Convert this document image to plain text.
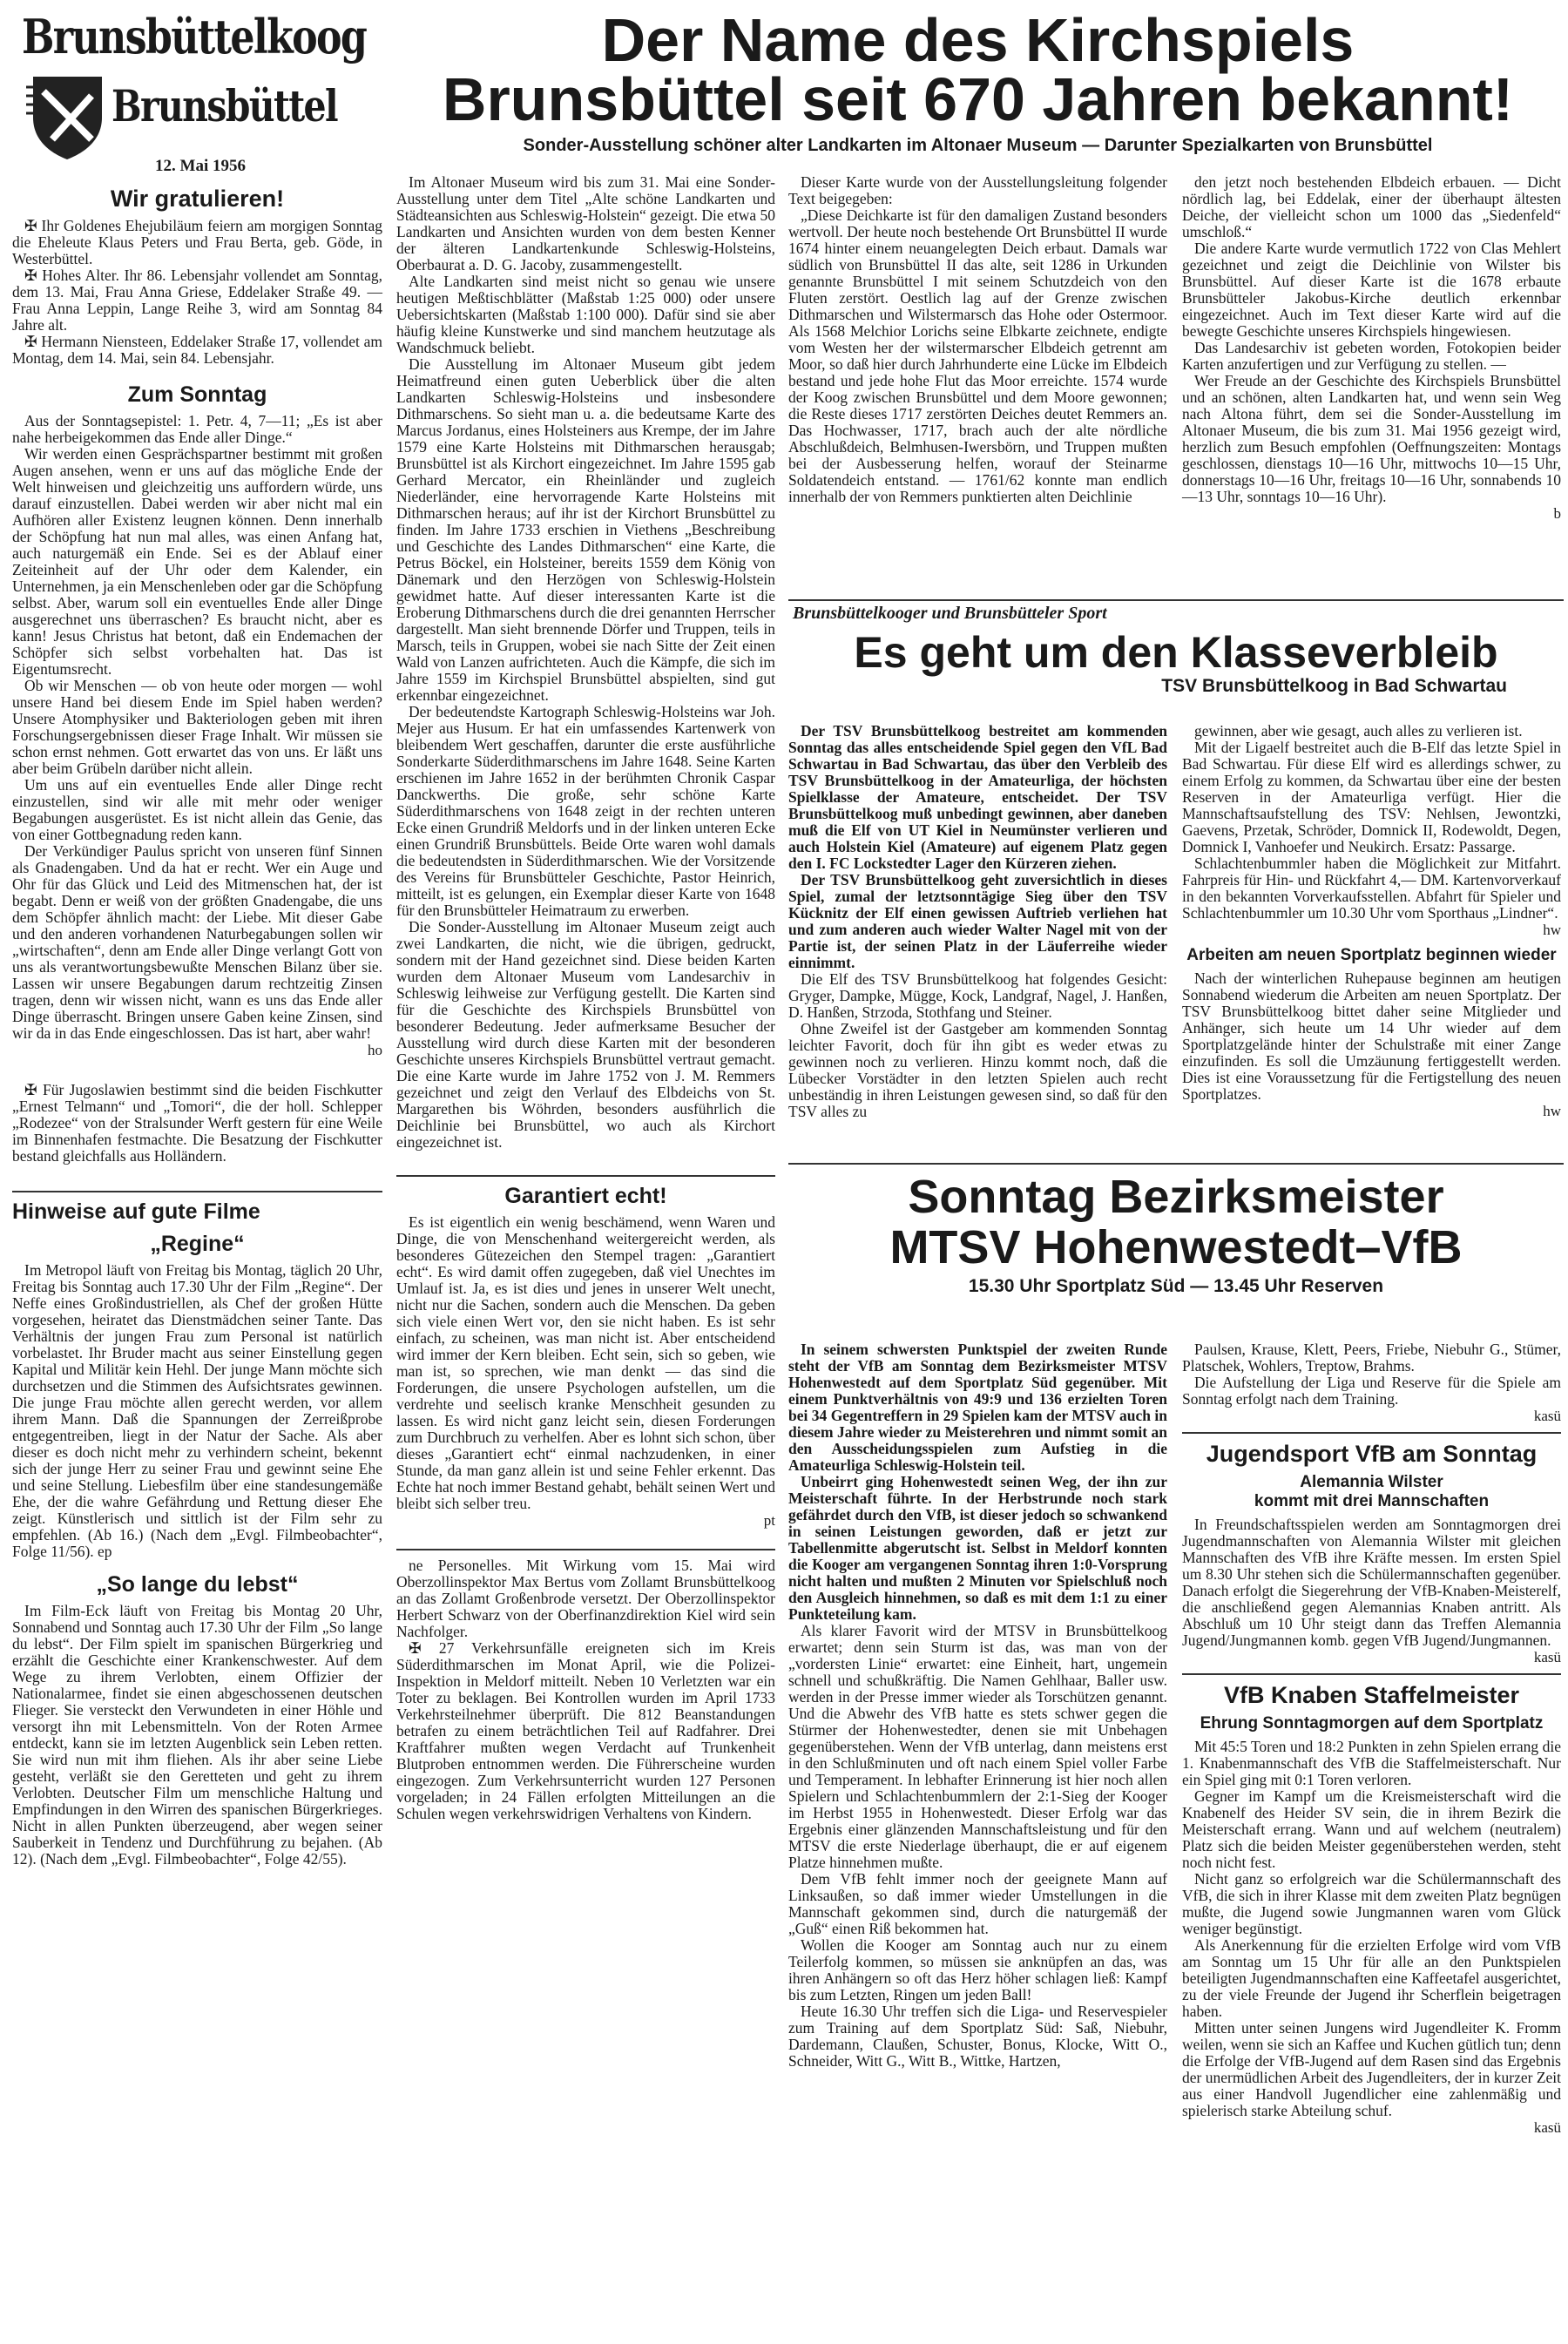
Brunsbüttelkoog
Brunsbüttel
12. Mai 1956
Wir gratulieren!

✠ Ihr Goldenes Ehejubiläum feiern am morgigen Sonntag die Eheleute Klaus Peters und Frau Berta, geb. Göde, in Westerbüttel.

✠ Hohes Alter. Ihr 86. Lebensjahr vollendet am Sonntag, dem 13. Mai, Frau Anna Griese, Eddelaker Straße 49. — Frau Anna Leppin, Lange Reihe 3, wird am Sonntag 84 Jahre alt.

✠ Hermann Niensteen, Eddelaker Straße 17, vollendet am Montag, dem 14. Mai, sein 84. Lebensjahr.

Zum Sonntag

Aus der Sonntagsepistel: 1. Petr. 4, 7—11; „Es ist aber nahe herbeigekommen das Ende aller Dinge.“

Wir werden einen Gesprächspartner bestimmt mit großen Augen ansehen, wenn er uns auf das mögliche Ende der Welt hinweisen und gleichzeitig uns auffordern würde, uns darauf einzustellen. Dabei werden wir aber nicht mal ein Aufhören aller Existenz leugnen können. Denn innerhalb der Schöpfung hat nun mal alles, was einen Anfang hat, auch naturgemäß ein Ende. Sei es der Ablauf einer Zeiteinheit auf der Uhr oder dem Kalender, ein Unternehmen, ja ein Menschenleben oder gar die Schöpfung selbst. Aber, warum soll ein eventuelles Ende aller Dinge ausgerechnet uns überraschen? Es braucht nicht, aber es kann! Jesus Christus hat betont, daß ein Endemachen der Schöpfer sich selbst vorbehalten hat. Das ist Eigentumsrecht.

Ob wir Menschen — ob von heute oder morgen — wohl unsere Hand bei diesem Ende im Spiel haben werden? Unsere Atomphysiker und Bakteriologen geben mit ihren Forschungsergebnissen dieser Frage Inhalt. Wir müssen sie schon ernst nehmen. Gott erwartet das von uns. Er läßt uns aber beim Grübeln darüber nicht allein.

Um uns auf ein eventuelles Ende aller Dinge recht einzustellen, sind wir alle mit mehr oder weniger Begabungen ausgerüstet. Es ist nicht allein das Genie, das von einer Gottbegnadung reden kann.

Der Verkündiger Paulus spricht von unseren fünf Sinnen als Gnadengaben. Und da hat er recht. Wer ein Auge und Ohr für das Glück und Leid des Mitmenschen hat, der ist begabt. Denn er weiß von der größten Gnadengabe, die uns dem Schöpfer ähnlich macht: der Liebe. Mit dieser Gabe und den anderen vorhandenen Naturbegabungen sollen wir „wirtschaften“, denn am Ende aller Dinge verlangt Gott von uns als verantwortungsbewußte Menschen Bilanz über sie. Lassen wir unsere Begabungen darum rechtzeitig Zinsen tragen, denn wir wissen nicht, wann es uns das Ende aller Dinge überrascht. Bringen unsere Gaben keine Zinsen, sind wir da in das Ende eingeschlossen. Das ist hart, aber wahr!

ho

✠ Für Jugoslawien bestimmt sind die beiden Fischkutter „Ernest Telmann“ und „Tomori“, die der holl. Schlepper „Rodezee“ von der Stralsunder Werft gestern für eine Weile im Binnenhafen festmachte. Die Besatzung der Fischkutter bestand gleichfalls aus Holländern.

Hinweise auf gute Filme
„Regine“

Im Metropol läuft von Freitag bis Montag, täglich 20 Uhr, Freitag bis Sonntag auch 17.30 Uhr der Film „Regine“. Der Neffe eines Großindustriellen, als Chef der großen Hütte vorgesehen, heiratet das Dienstmädchen seiner Tante. Das Verhältnis der jungen Frau zum Personal ist natürlich vorbelastet. Ihr Bruder macht aus seiner Einstellung gegen Kapital und Militär kein Hehl. Der junge Mann möchte sich durchsetzen und die Stimmen des Aufsichtsrates gewinnen. Die junge Frau möchte allen gerecht werden, vor allem ihrem Mann. Daß die Spannungen der Zerreißprobe entgegentreiben, liegt in der Natur der Sache. Als aber dieser es doch nicht mehr zu verhindern scheint, bekennt sich der junge Herr zu seiner Frau und gewinnt seine Ehe und seine Stellung. Liebesfilm über eine standesungemäße Ehe, der die wahre Gefährdung und Rettung dieser Ehe zeigt. Künstlerisch und sittlich ist der Film sehr zu empfehlen. (Ab 16.) (Nach dem „Evgl. Filmbeobachter“, Folge 11/56). ep

„So lange du lebst“

Im Film-Eck läuft von Freitag bis Montag 20 Uhr, Sonnabend und Sonntag auch 17.30 Uhr der Film „So lange du lebst“. Der Film spielt im spanischen Bürgerkrieg und erzählt die Geschichte einer Krankenschwester. Auf dem Wege zu ihrem Verlobten, einem Offizier der Nationalarmee, findet sie einen abgeschossenen deutschen Flieger. Sie versteckt den Verwundeten in einer Höhle und versorgt ihn mit Lebensmitteln. Von der Roten Armee entdeckt, kann sie im letzten Augenblick sein Leben retten. Sie wird nun mit ihm fliehen. Als ihr aber seine Liebe gesteht, verläßt sie den Geretteten und geht zu ihrem Verlobten. Deutscher Film um menschliche Haltung und Empfindungen in den Wirren des spanischen Bürgerkrieges. Nicht in allen Punkten überzeugend, aber wegen seiner Sauberkeit in Tendenz und Durchführung zu bejahen. (Ab 12). (Nach dem „Evgl. Filmbeobachter“, Folge 42/55).

Der Name des Kirchspiels
Brunsbüttel seit 670 Jahren bekannt!
Sonder-Ausstellung schöner alter Landkarten im Altonaer Museum — Darunter Spezialkarten von Brunsbüttel

Im Altonaer Museum wird bis zum 31. Mai eine Sonder-Ausstellung unter dem Titel „Alte schöne Landkarten und Städteansichten aus Schleswig-Holstein“ gezeigt. Die etwa 50 Landkarten und Ansichten wurden von dem besten Kenner der älteren Landkartenkunde Schleswig-Holsteins, Oberbaurat a. D. G. Jacoby, zusammengestellt.

Alte Landkarten sind meist nicht so genau wie unsere heutigen Meßtischblätter (Maßstab 1:25 000) oder unsere Uebersichtskarten (Maßstab 1:100 000). Dafür sind sie aber häufig kleine Kunstwerke und sind manchem heutzutage als Wandschmuck beliebt.

Die Ausstellung im Altonaer Museum gibt jedem Heimatfreund einen guten Ueberblick über die alten Landkarten Schleswig-Holsteins und insbesondere Dithmarschens. So sieht man u. a. die bedeutsame Karte des Marcus Jordanus, eines Holsteiners aus Krempe, der im Jahre 1579 eine Karte Holsteins mit Dithmarschen herausgab; Brunsbüttel ist als Kirchort eingezeichnet. Im Jahre 1595 gab Gerhard Mercator, ein Rheinländer und zugleich Niederländer, eine hervorragende Karte Holsteins mit Dithmarschen heraus; auf ihr ist der Kirchort Brunsbüttel zu finden. Im Jahre 1733 erschien in Viethens „Beschreibung und Geschichte des Landes Dithmarschen“ eine Karte, die Petrus Böckel, ein Holsteiner, bereits 1559 dem König von Dänemark und den Herzögen von Schleswig-Holstein gewidmet hatte. Auf dieser interessanten Karte ist die Eroberung Dithmarschens durch die drei genannten Herrscher dargestellt. Man sieht brennende Dörfer und Truppen, teils in Marsch, teils in Gruppen, wobei sie nach Sitte der Zeit einen Wald von Lanzen aufrichteten. Auch die Kämpfe, die sich im Jahre 1559 im Kirchspiel Brunsbüttel abspielten, sind gut erkennbar eingezeichnet.

Der bedeutendste Kartograph Schleswig-Holsteins war Joh. Mejer aus Husum. Er hat ein umfassendes Kartenwerk von bleibendem Wert geschaffen, darunter die erste ausführliche Sonderkarte Süderdithmarschens im Jahre 1648. Seine Karten erschienen im Jahre 1652 in der berühmten Chronik Caspar Danckwerths. Die große, sehr schöne Karte Süderdithmarschens von 1648 zeigt in der rechten unteren Ecke einen Grundriß Meldorfs und in der linken unteren Ecke einen Grundriß Brunsbüttels. Beide Orte waren wohl damals die bedeutendsten in Süderdithmarschen. Wie der Vorsitzende des Vereins für Brunsbütteler Geschichte, Pastor Heinrich, mitteilt, ist es gelungen, ein Exemplar dieser Karte von 1648 für den Brunsbütteler Heimatraum zu erwerben.

Die Sonder-Ausstellung im Altonaer Museum zeigt auch zwei Landkarten, die nicht, wie die übrigen, gedruckt, sondern mit der Hand gezeichnet sind. Diese beiden Karten wurden dem Altonaer Museum vom Landesarchiv in Schleswig leihweise zur Verfügung gestellt. Die Karten sind für die Geschichte des Kirchspiels Brunsbüttel von besonderer Bedeutung. Jeder aufmerksame Besucher der Ausstellung wird durch diese Karten mit der besonderen Geschichte unseres Kirchspiels Brunsbüttel vertraut gemacht. Die eine Karte wurde im Jahre 1752 von J. M. Remmers gezeichnet und zeigt den Verlauf des Elbdeichs von St. Margarethen bis Wöhrden, besonders ausführlich die Deichlinie bei Brunsbüttel, wo auch als Kirchort eingezeichnet ist.

Garantiert echt!

Es ist eigentlich ein wenig beschämend, wenn Waren und Dinge, die von Menschenhand weitergereicht werden, als besonderes Gütezeichen den Stempel tragen: „Garantiert echt“. Es wird damit offen zugegeben, daß viel Unechtes im Umlauf ist. Ja, es ist dies und jenes in unserer Welt unecht, nicht nur die Sachen, sondern auch die Menschen. Da geben sich viele einen Wert vor, den sie nicht haben. Es ist sehr einfach, zu scheinen, was man nicht ist. Aber entscheidend wird immer der Kern bleiben. Echt sein, sich so geben, wie man ist, so sprechen, wie man denkt — das sind die Forderungen, die unsere Psychologen aufstellen, um die verdrehte und seelisch kranke Menschheit gesunden zu lassen. Es wird nicht ganz leicht sein, diesen Forderungen zum Durchbruch zu verhelfen. Aber es lohnt sich schon, über dieses „Garantiert echt“ einmal nachzudenken, in einer Stunde, da man ganz allein ist und seine Fehler erkennt. Das Echte hat noch immer Bestand gehabt, behält seinen Wert und bleibt sich selber treu.

pt

ne Personelles. Mit Wirkung vom 15. Mai wird Oberzollinspektor Max Bertus vom Zollamt Brunsbüttelkoog an das Zollamt Großenbrode versetzt. Der Oberzollinspektor Herbert Schwarz von der Oberfinanzdirektion Kiel wird sein Nachfolger.

✠ 27 Verkehrsunfälle ereigneten sich im Kreis Süderdithmarschen im Monat April, wie die Polizei-Inspektion in Meldorf mitteilt. Neben 10 Verletzten war ein Toter zu beklagen. Bei Kontrollen wurden im April 1733 Verkehrsteilnehmer überprüft. Die 812 Beanstandungen betrafen zu einem beträchtlichen Teil auf Radfahrer. Drei Kraftfahrer mußten wegen Verdacht auf Trunkenheit Blutproben entnommen werden. Die Führerscheine wurden eingezogen. Zum Verkehrsunterricht wurden 127 Personen vorgeladen; in 24 Fällen erfolgten Mitteilungen an die Schulen wegen verkehrswidrigen Verhaltens von Kindern.

Dieser Karte wurde von der Ausstellungsleitung folgender Text beigegeben:

„Diese Deichkarte ist für den damaligen Zustand besonders wertvoll. Der heute noch bestehende Ort Brunsbüttel II wurde 1674 hinter einem neuangelegten Deich erbaut. Damals war südlich von Brunsbüttel II das alte, seit 1286 in Urkunden genannte Brunsbüttel I mit seinem Schutzdeich von den Fluten zerstört. Oestlich lag auf der Grenze zwischen Dithmarschen und Wilstermarsch das Hohe oder Ostermoor. Als 1568 Melchior Lorichs seine Elbkarte zeichnete, endigte vom Westen her der wilstermarscher Elbdeich getrennt am Moor, so daß hier durch Jahrhunderte eine Lücke im Elbdeich bestand und jede hohe Flut das Moor erreichte. 1574 wurde der Koog zwischen Brunsbüttel und dem Moore gewonnen; die Reste dieses 1717 zerstörten Deiches deutet Remmers an. Das Hochwasser, 1717, brach auch der alte nördliche Abschlußdeich, Belmhusen-Iwersbörn, und Truppen mußten bei der Ausbesserung helfen, worauf der Steinarme Soldatendeich entstand. — 1761/62 konnte man endlich innerhalb der von Remmers punktierten alten Deichlinie

den jetzt noch bestehenden Elbdeich erbauen. — Dicht nördlich lag, bei Eddelak, einer der überhaupt ältesten Deiche, der vielleicht schon um 1000 das „Siedenfeld“ umschloß.“

Die andere Karte wurde vermutlich 1722 von Clas Mehlert gezeichnet und zeigt die Deichlinie von Wilster bis Brunsbüttel. Auf dieser Karte ist die 1678 erbaute Brunsbütteler Jakobus-Kirche deutlich erkennbar eingezeichnet. Auch im Text dieser Karte wird auf die bewegte Geschichte unseres Kirchspiels hingewiesen.

Das Landesarchiv ist gebeten worden, Fotokopien beider Karten anzufertigen und zur Verfügung zu stellen. —

Wer Freude an der Geschichte des Kirchspiels Brunsbüttel und an schönen, alten Landkarten hat, und wenn sein Weg nach Altona führt, dem sei die Sonder-Ausstellung im Altonaer Museum, die bis zum 31. Mai 1956 gezeigt wird, herzlich zum Besuch empfohlen (Oeffnungszeiten: Montags geschlossen, dienstags 10—16 Uhr, mittwochs 10—15 Uhr, donnerstags 10—16 Uhr, freitags 10—16 Uhr, sonnabends 10—13 Uhr, sonntags 10—16 Uhr).

b
Brunsbüttelkooger und Brunsbütteler Sport
Es geht um den Klasseverbleib
TSV Brunsbüttelkoog in Bad Schwartau

Der TSV Brunsbüttelkoog bestreitet am kommenden Sonntag das alles entscheidende Spiel gegen den VfL Bad Schwartau in Bad Schwartau, das über den Verbleib des TSV Brunsbüttelkoog in der Amateurliga, der höchsten Spielklasse der Amateure, entscheidet. Der TSV Brunsbüttelkoog muß unbedingt gewinnen, aber daneben muß die Elf von UT Kiel in Neumünster verlieren und auch Holstein Kiel (Amateure) auf eigenem Platz gegen den I. FC Lockstedter Lager den Kürzeren ziehen.

Der TSV Brunsbüttelkoog geht zuversichtlich in dieses Spiel, zumal der letztsonntägige Sieg über den TSV Kücknitz der Elf einen gewissen Auftrieb verliehen hat und zum anderen auch wieder Walter Nagel mit von der Partie ist, der seinen Platz in der Läuferreihe wieder einnimmt.

Die Elf des TSV Brunsbüttelkoog hat folgendes Gesicht: Gryger, Dampke, Mügge, Kock, Landgraf, Nagel, J. Hanßen, D. Hanßen, Strzoda, Stothfang und Steiner.

Ohne Zweifel ist der Gastgeber am kommenden Sonntag leichter Favorit, doch für ihn gibt es weder etwas zu gewinnen noch zu verlieren. Hinzu kommt noch, daß die Lübecker Vorstädter in den letzten Spielen auch recht unbeständig in ihren Leistungen gewesen sind, so daß für den TSV alles zu

gewinnen, aber wie gesagt, auch alles zu verlieren ist.

Mit der Ligaelf bestreitet auch die B-Elf das letzte Spiel in Bad Schwartau. Für diese Elf wird es allerdings schwer, zu einem Erfolg zu kommen, da Schwartau über eine der besten Reserven in der Amateurliga verfügt. Hier die Mannschaftsaufstellung des TSV: Nehlsen, Jewontzki, Gaevens, Przetak, Schröder, Domnick II, Rodewoldt, Degen, Domnick I, Vanhoefer und Neukirch. Ersatz: Passarge.

Schlachtenbummler haben die Möglichkeit zur Mitfahrt. Fahrpreis für Hin- und Rückfahrt 4,— DM. Kartenvorverkauf in den bekannten Vorverkaufsstellen. Abfahrt für Spieler und Schlachtenbummler um 10.30 Uhr vom Sporthaus „Lindner“.

hw
Arbeiten am neuen Sportplatz beginnen wieder

Nach der winterlichen Ruhepause beginnen am heutigen Sonnabend wiederum die Arbeiten am neuen Sportplatz. Der TSV Brunsbüttelkoog bittet daher seine Mitglieder und Anhänger, sich heute um 14 Uhr wieder auf dem Sportplatzgelände hinter der Schulstraße mit einer Zange einzufinden. Es soll die Umzäunung fertiggestellt werden. Dies ist eine Voraussetzung für die Fertigstellung des neuen Sportplatzes.

hw
Sonntag Bezirksmeister
MTSV Hohenwestedt–VfB
15.30 Uhr Sportplatz Süd — 13.45 Uhr Reserven

In seinem schwersten Punktspiel der zweiten Runde steht der VfB am Sonntag dem Bezirksmeister MTSV Hohenwestedt auf dem Sportplatz Süd gegenüber. Mit einem Punktverhältnis von 49:9 und 136 erzielten Toren bei 34 Gegentreffern in 29 Spielen kam der MTSV auch in diesem Jahre wieder zu Meisterehren und nimmt somit an den Ausscheidungsspielen zum Aufstieg in die Amateurliga Schleswig-Holstein teil.

Unbeirrt ging Hohenwestedt seinen Weg, der ihn zur Meisterschaft führte. In der Herbstrunde noch stark gefährdet durch den VfB, ist dieser jedoch so schwankend in seinen Leistungen geworden, daß er jetzt zur Tabellenmitte abgerutscht ist. Selbst in Meldorf konnten die Kooger am vergangenen Sonntag ihren 1:0-Vorsprung nicht halten und mußten 2 Minuten vor Spielschluß noch den Ausgleich hinnehmen, so daß es mit dem 1:1 zu einer Punkteteilung kam.

Als klarer Favorit wird der MTSV in Brunsbüttelkoog erwartet; denn sein Sturm ist das, was man von der „vordersten Linie“ erwartet: eine Einheit, hart, ungemein schnell und schußkräftig. Die Namen Gehlhaar, Baller usw. werden in der Presse immer wieder als Torschützen genannt. Und die Abwehr des VfB hatte es stets schwer gegen die Stürmer der Hohenwestedter, denen sie mit Unbehagen gegenüberstehen. Wenn der VfB unterlag, dann meistens erst in den Schlußminuten und oft nach einem Spiel voller Farbe und Temperament. In lebhafter Erinnerung ist hier noch allen Spielern und Schlachtenbummlern der 2:1-Sieg der Kooger im Herbst 1955 in Hohenwestedt. Dieser Erfolg war das Ergebnis einer glänzenden Mannschaftsleistung und für den MTSV die erste Niederlage überhaupt, die er auf eigenem Platze hinnehmen mußte.

Dem VfB fehlt immer noch der geeignete Mann auf Linksaußen, so daß immer wieder Umstellungen in die Mannschaft gekommen sind, durch die naturgemäß der „Guß“ einen Riß bekommen hat.

Wollen die Kooger am Sonntag auch nur zu einem Teilerfolg kommen, so müssen sie anknüpfen an das, was ihren Anhängern so oft das Herz höher schlagen ließ: Kampf bis zum Letzten, Ringen um jeden Ball!

Heute 16.30 Uhr treffen sich die Liga- und Reservespieler zum Training auf dem Sportplatz Süd: Saß, Niebuhr, Dardemann, Claußen, Schuster, Bonus, Klocke, Witt O., Schneider, Witt G., Witt B., Wittke, Hartzen,

Paulsen, Krause, Klett, Peers, Friebe, Niebuhr G., Stümer, Platschek, Wohlers, Treptow, Brahms.

Die Aufstellung der Liga und Reserve für die Spiele am Sonntag erfolgt nach dem Training.

kasü
Jugendsport VfB am Sonntag
Alemannia Wilster
kommt mit drei Mannschaften

In Freundschaftsspielen werden am Sonntagmorgen drei Jugendmannschaften von Alemannia Wilster mit gleichen Mannschaften des VfB ihre Kräfte messen. Im ersten Spiel um 8.30 Uhr stehen sich die Schülermannschaften gegenüber. Danach erfolgt die Siegerehrung der VfB-Knaben-Meisterelf, die anschließend gegen Alemannias Knaben antritt. Als Abschluß um 10 Uhr steigt dann das Treffen Alemannia Jugend/Jungmannen komb. gegen VfB Jugend/Jungmannen.

kasü
VfB Knaben Staffelmeister
Ehrung Sonntagmorgen auf dem Sportplatz

Mit 45:5 Toren und 18:2 Punkten in zehn Spielen errang die 1. Knabenmannschaft des VfB die Staffelmeisterschaft. Nur ein Spiel ging mit 0:1 Toren verloren.

Gegner im Kampf um die Kreismeisterschaft wird die Knabenelf des Heider SV sein, die in ihrem Bezirk die Meisterschaft errang. Wann und auf welchem (neutralem) Platz sich die beiden Meister gegenüberstehen werden, steht noch nicht fest.

Nicht ganz so erfolgreich war die Schülermannschaft des VfB, die sich in ihrer Klasse mit dem zweiten Platz begnügen mußte, die Jugend sowie Jungmannen waren vom Glück weniger begünstigt.

Als Anerkennung für die erzielten Erfolge wird vom VfB am Sonntag um 15 Uhr für alle an den Punktspielen beteiligten Jugendmannschaften eine Kaffeetafel ausgerichtet, zu der viele Freunde der Jugend ihr Scherflein beigetragen haben.

Mitten unter seinen Jungens wird Jugendleiter K. Fromm weilen, wenn sie sich an Kaffee und Kuchen gütlich tun; denn die Erfolge der VfB-Jugend auf dem Rasen sind das Ergebnis der unermüdlichen Arbeit des Jugendleiters, der in kurzer Zeit aus einer Handvoll Jugendlicher eine zahlenmäßig und spielerisch starke Abteilung schuf.

kasü
